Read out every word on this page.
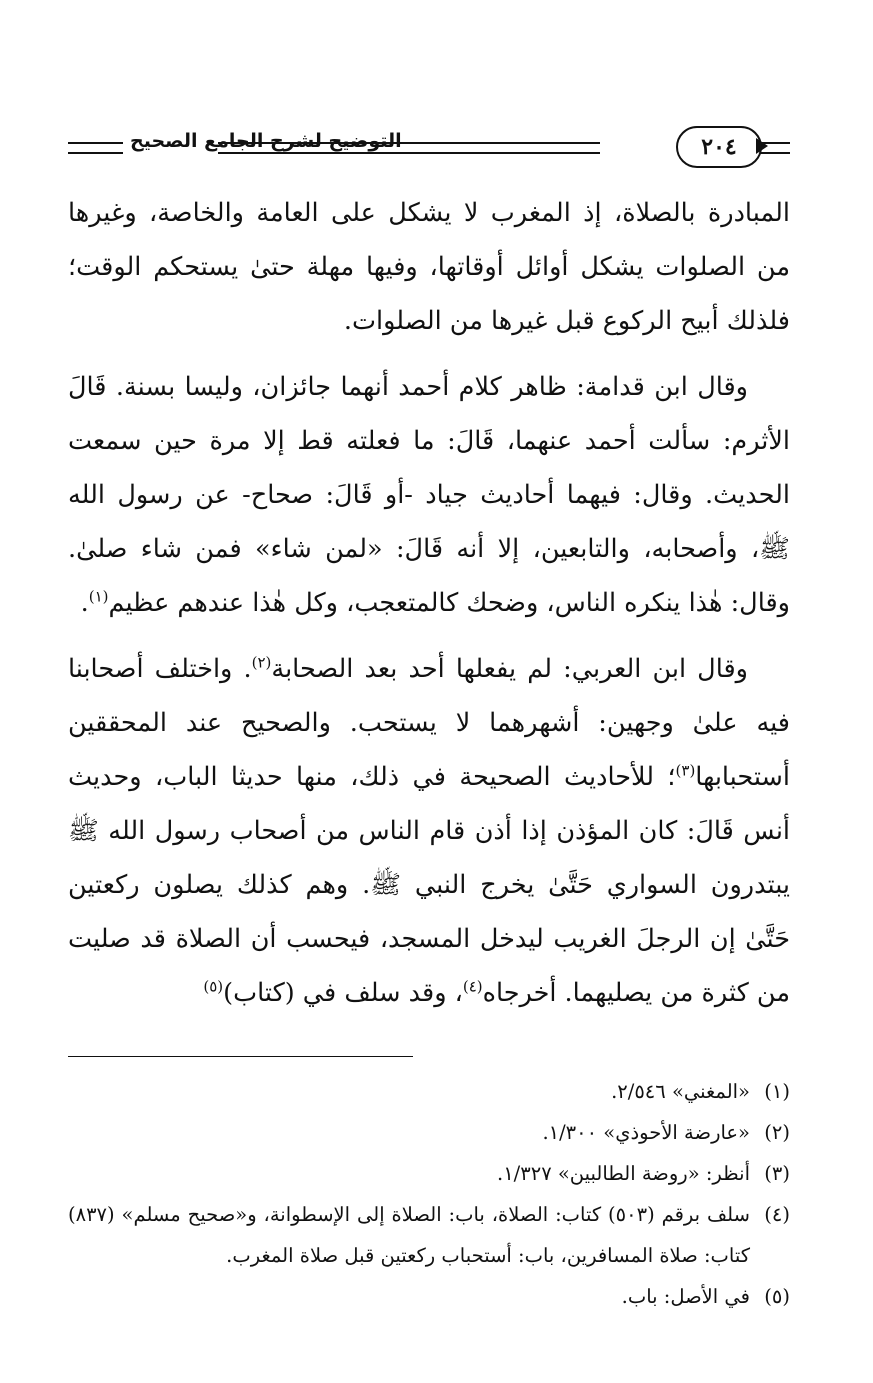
٢٠٤
التوضيح لشرح الجامع الصحيح

المبادرة بالصلاة، إذ المغرب لا يشكل على العامة والخاصة، وغيرها من الصلوات يشكل أوائل أوقاتها، وفيها مهلة حتىٰ يستحكم الوقت؛ فلذلك أبيح الركوع قبل غيرها من الصلوات.

وقال ابن قدامة: ظاهر كلام أحمد أنهما جائزان، وليسا بسنة. قَالَ الأثرم: سألت أحمد عنهما، قَالَ: ما فعلته قط إلا مرة حين سمعت الحديث. وقال: فيهما أحاديث جياد -أو قَالَ: صحاح- عن رسول الله ﷺ، وأصحابه، والتابعين، إلا أنه قَالَ: «لمن شاء» فمن شاء صلىٰ. وقال: هٰذا ينكره الناس، وضحك كالمتعجب، وكل هٰذا عندهم عظيم$^{(١)}$.

وقال ابن العربي: لم يفعلها أحد بعد الصحابة$^{(٢)}$. واختلف أصحابنا فيه علىٰ وجهين: أشهرهما لا يستحب. والصحيح عند المحققين أستحبابها$^{(٣)}$؛ للأحاديث الصحيحة في ذلك، منها حديثا الباب، وحديث أنس قَالَ: كان المؤذن إذا أذن قام الناس من أصحاب رسول الله ﷺ يبتدرون السواري حَتَّىٰ يخرج النبي ﷺ. وهم كذلك يصلون ركعتين حَتَّىٰ إن الرجلَ الغريب ليدخل المسجد، فيحسب أن الصلاة قد صليت من كثرة من يصليهما. أخرجاه$^{(٤)}$، وقد سلف في (كتاب)$^{(٥)}$

(١)
«المغني» ٢/٥٤٦.
(٢)
«عارضة الأحوذي» ١/٣٠٠.
(٣)
أنظر: «روضة الطالبين» ١/٣٢٧.
(٤)
سلف برقم (٥٠٣) كتاب: الصلاة، باب: الصلاة إلى الإسطوانة، و«صحيح مسلم» (٨٣٧) كتاب: صلاة المسافرين، باب: أستحباب ركعتين قبل صلاة المغرب.
(٥)
في الأصل: باب.
